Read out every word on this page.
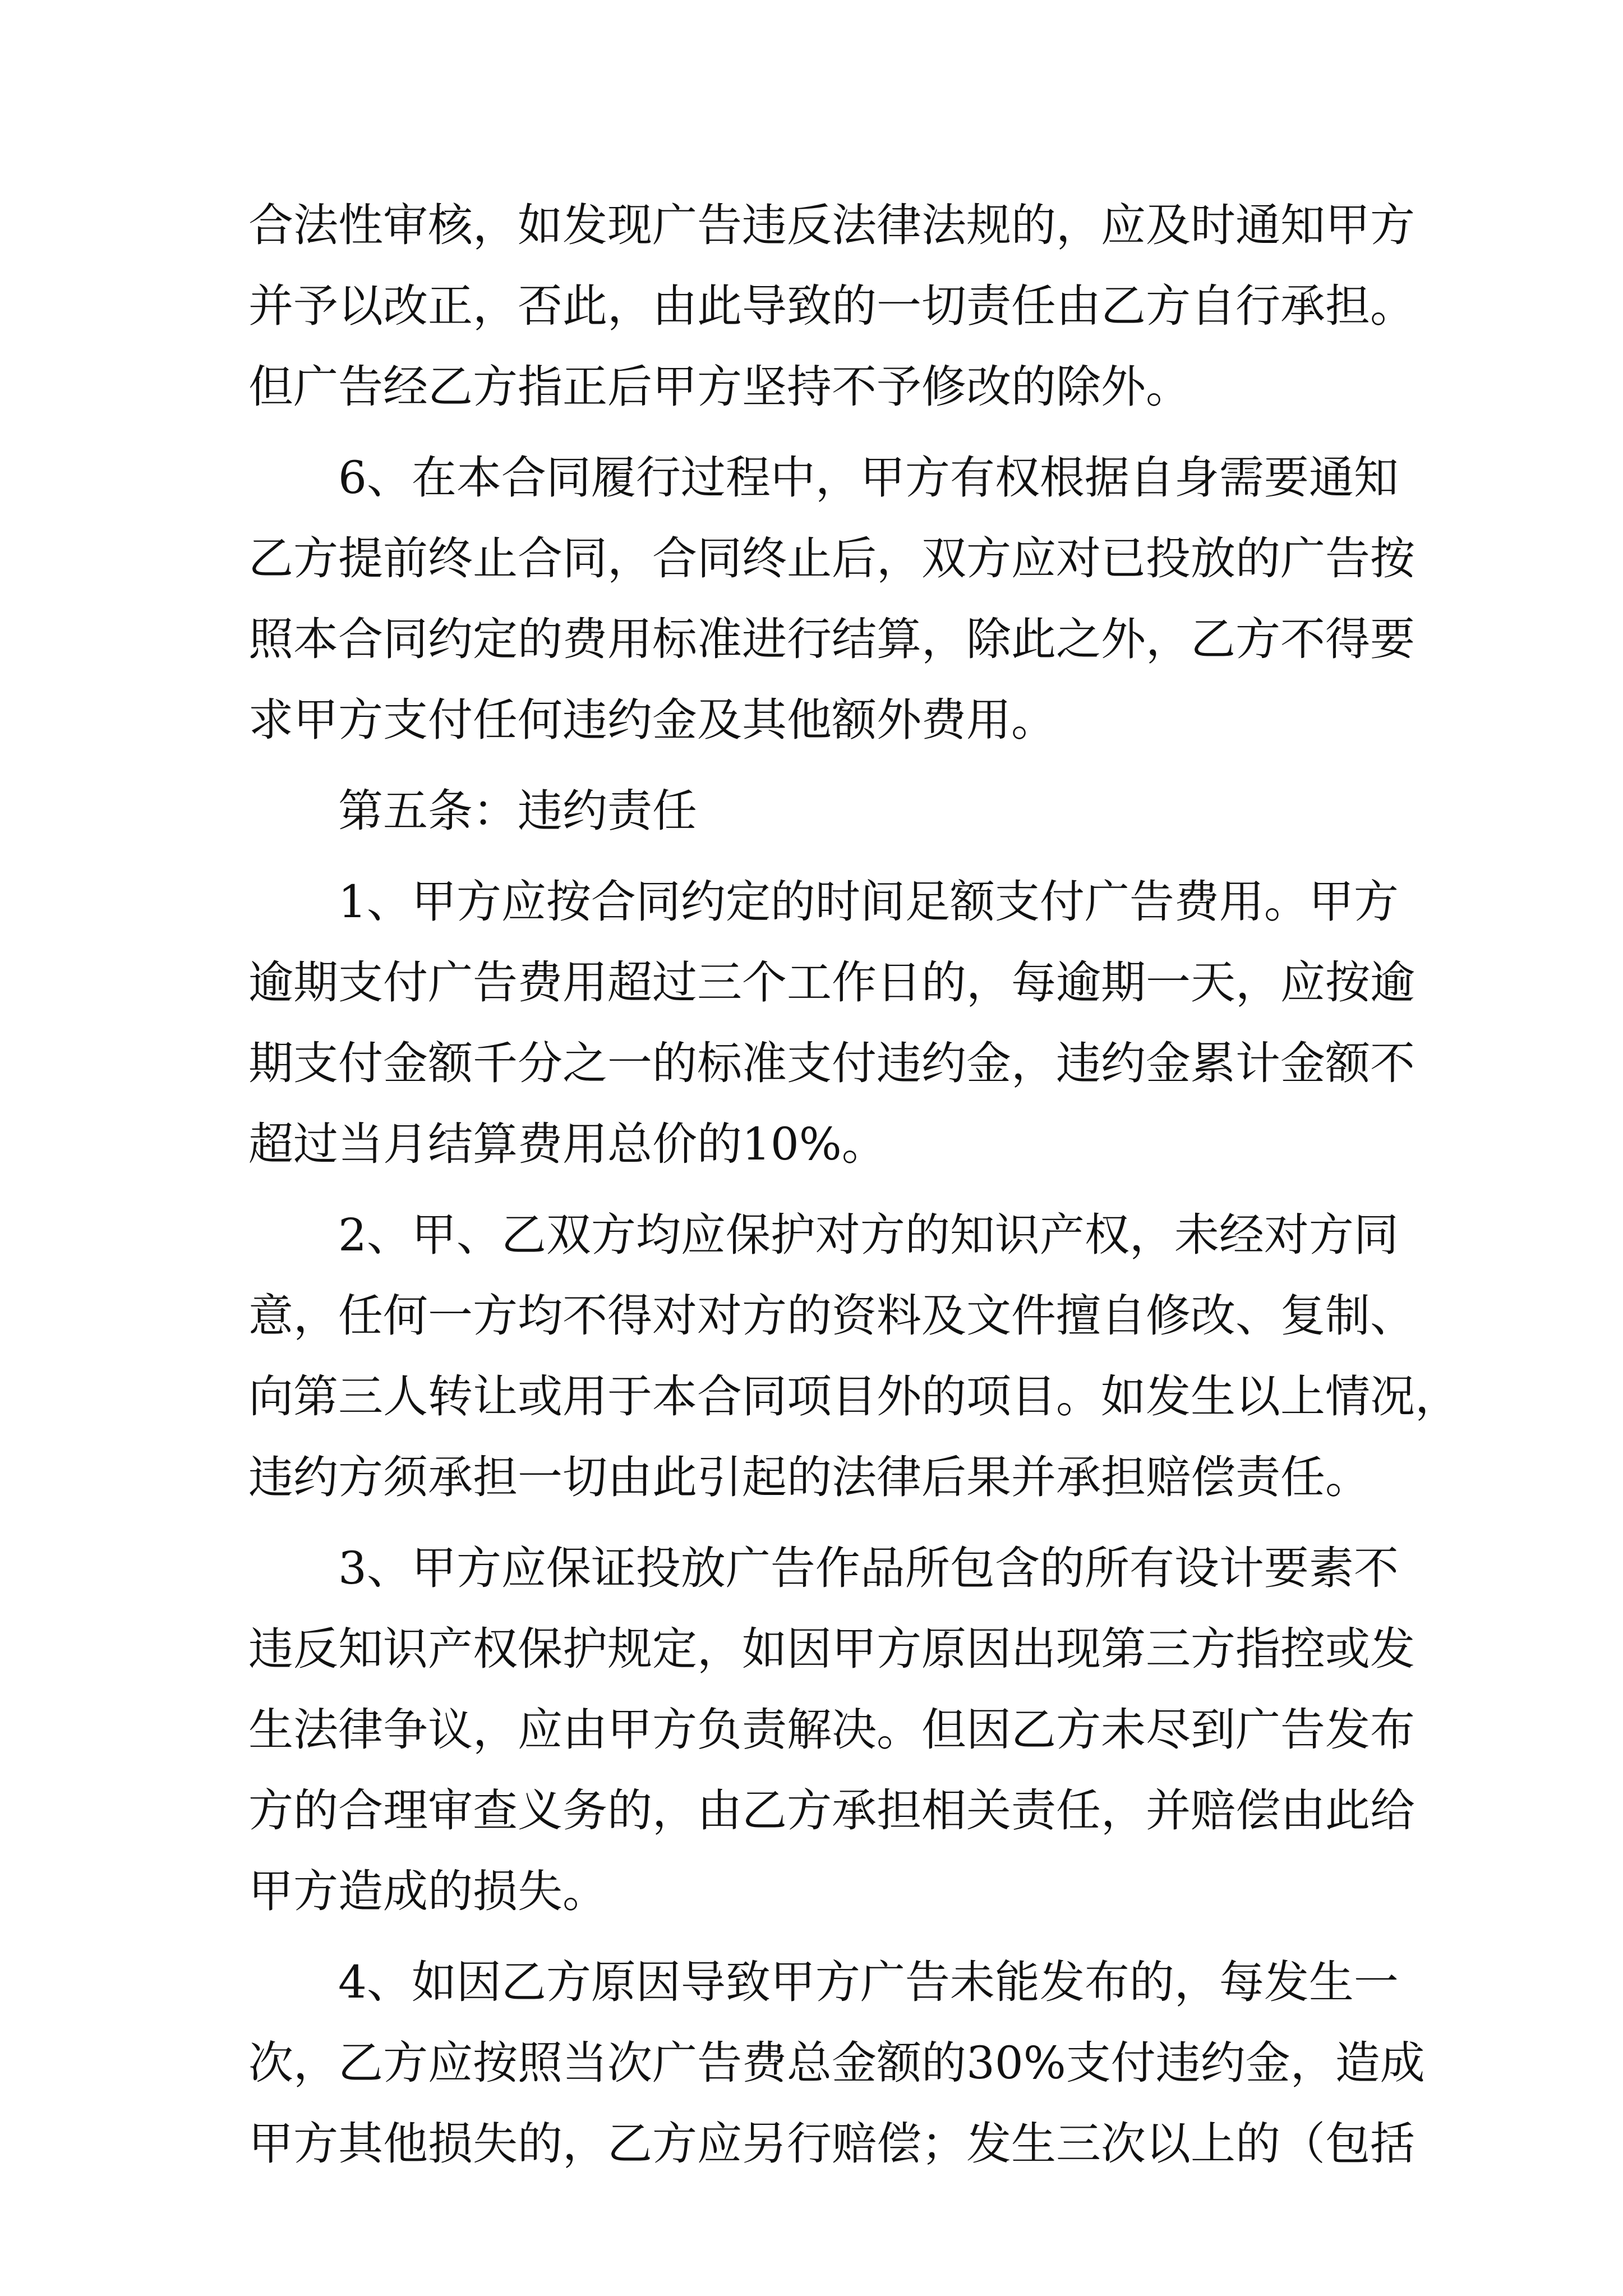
合法性审核，如发现广告违反法律法规的，应及时通知甲方

并予以改正，否此，由此导致的一切责任由乙方自行承担。

但广告经乙方指正后甲方坚持不予修改的除外。

6、在本合同履行过程中，甲方有权根据自身需要通知

乙方提前终止合同，合同终止后，双方应对已投放的广告按

照本合同约定的费用标准进行结算，除此之外，乙方不得要

求甲方支付任何违约金及其他额外费用。

第五条：违约责任

1、甲方应按合同约定的时间足额支付广告费用。甲方

逾期支付广告费用超过三个工作日的，每逾期一天，应按逾

期支付金额千分之一的标准支付违约金，违约金累计金额不

超过当月结算费用总价的10%。

2、甲、乙双方均应保护对方的知识产权，未经对方同

意，任何一方均不得对对方的资料及文件擅自修改、复制、

向第三人转让或用于本合同项目外的项目。如发生以上情况，

违约方须承担一切由此引起的法律后果并承担赔偿责任。

3、甲方应保证投放广告作品所包含的所有设计要素不

违反知识产权保护规定，如因甲方原因出现第三方指控或发

生法律争议，应由甲方负责解决。但因乙方未尽到广告发布

方的合理审查义务的，由乙方承担相关责任，并赔偿由此给

甲方造成的损失。

4、如因乙方原因导致甲方广告未能发布的，每发生一

次，乙方应按照当次广告费总金额的30%支付违约金，造成

甲方其他损失的，乙方应另行赔偿；发生三次以上的（包括
